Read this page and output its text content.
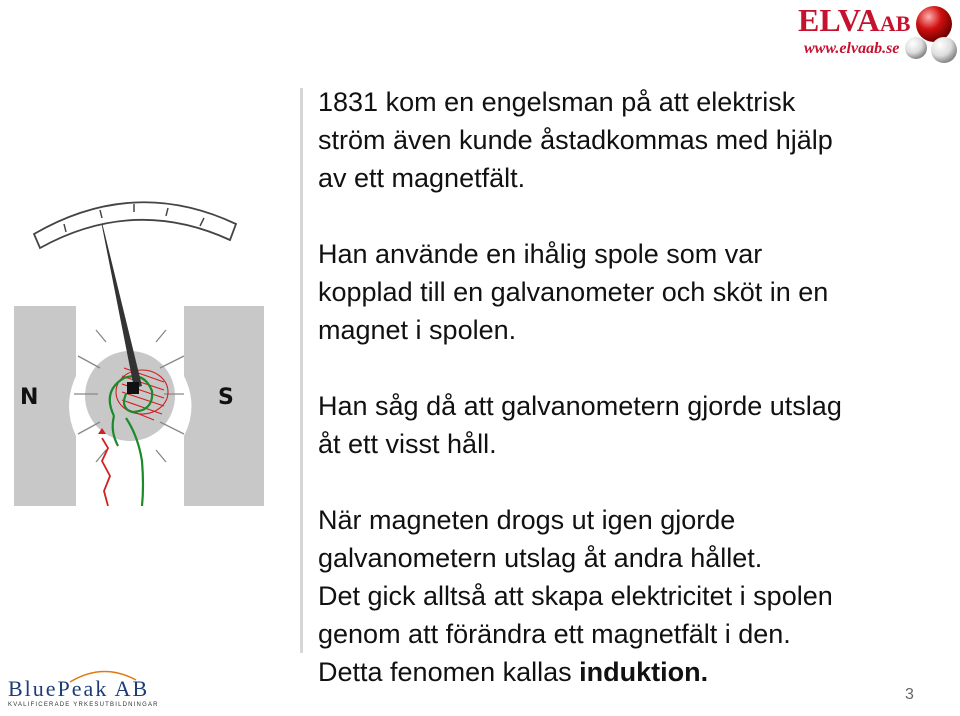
ELVAAB
www.elvaab.se
N	S

1831 kom en engelsman på att elektrisk
ström även kunde åstadkommas med hjälp
av ett magnetfält.

Han använde en ihålig spole som var
kopplad till en galvanometer och sköt in en
magnet i spolen.

Han såg då att galvanometern gjorde utslag
åt ett visst håll.

När magneten drogs ut igen gjorde
galvanometern utslag åt andra hållet.
Det gick alltså att skapa elektricitet i spolen
genom att förändra ett magnetfält i den.
Detta fenomen kallas induktion.

BluePeak AB
KVALIFICERADE YRKESUTBILDNINGAR
3
